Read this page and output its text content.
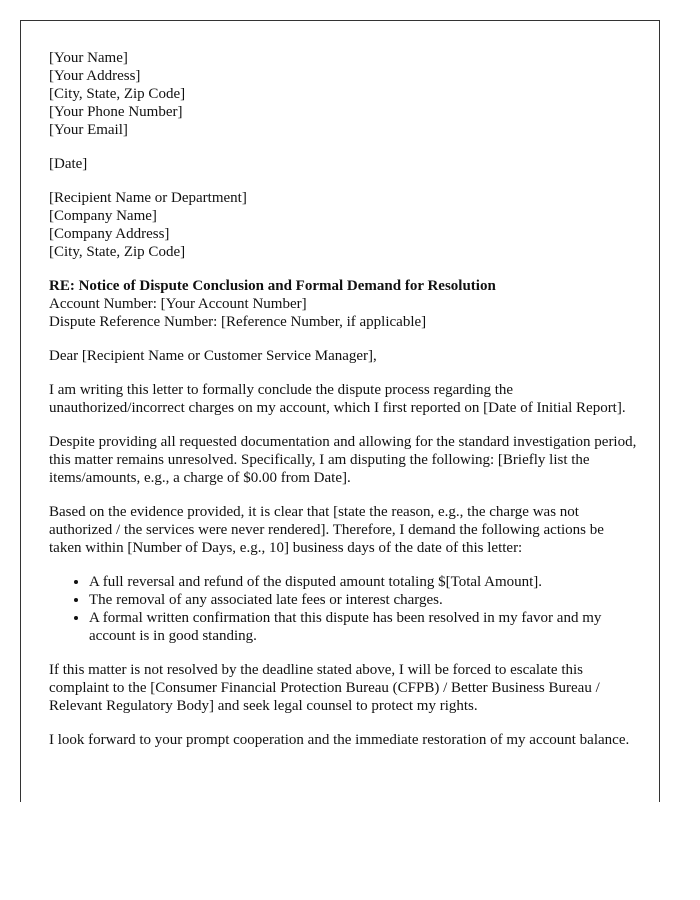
[Your Name]
[Your Address]
[City, State, Zip Code]
[Your Phone Number]
[Your Email]
[Date]
[Recipient Name or Department]
[Company Name]
[Company Address]
[City, State, Zip Code]
RE: Notice of Dispute Conclusion and Formal Demand for Resolution
Account Number: [Your Account Number]
Dispute Reference Number: [Reference Number, if applicable]

Dear [Recipient Name or Customer Service Manager],

I am writing this letter to formally conclude the dispute process regarding the unauthorized/incorrect charges on my account, which I first reported on [Date of Initial Report].

Despite providing all requested documentation and allowing for the standard investigation period, this matter remains unresolved. Specifically, I am disputing the following: [Briefly list the items/amounts, e.g., a charge of $0.00 from Date].

Based on the evidence provided, it is clear that [state the reason, e.g., the charge was not authorized / the services were never rendered]. Therefore, I demand the following actions be taken within [Number of Days, e.g., 10] business days of the date of this letter:

• A full reversal and refund of the disputed amount totaling $[Total Amount].
• The removal of any associated late fees or interest charges.
• A formal written confirmation that this dispute has been resolved in my favor and my account is in good standing.

If this matter is not resolved by the deadline stated above, I will be forced to escalate this complaint to the [Consumer Financial Protection Bureau (CFPB) / Better Business Bureau / Relevant Regulatory Body] and seek legal counsel to protect my rights.

I look forward to your prompt cooperation and the immediate restoration of my account balance.
